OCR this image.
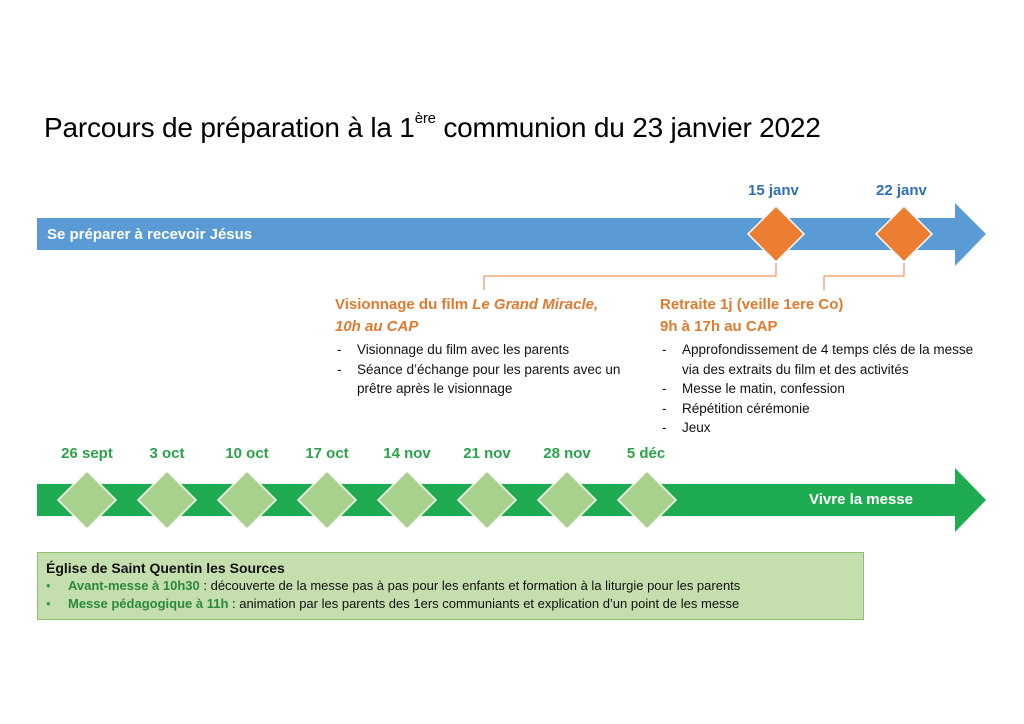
Parcours de préparation à la 1ère communion du 23 janvier 2022
Se préparer à recevoir Jésus
15 janv	22 janv
Visionnage du film Le Grand Miracle,
10h au CAP
- Visionnage du film avec les parents
- Séance d’échange pour les parents avec un prêtre après le visionnage
Retraite 1j (veille 1ere Co)
9h à 17h au CAP
- Approfondissement de 4 temps clés de la messe via des extraits du film et des activités
- Messe le matin, confession
- Répétition cérémonie
- Jeux
26 sept	3 oct	10 oct	17 oct	14 nov	21 nov	28 nov	5 déc
Vivre la messe
Église de Saint Quentin les Sources
• Avant-messe à 10h30 : découverte de la messe pas à pas pour les enfants et formation à la liturgie pour les parents
• Messe pédagogique à 11h : animation par les parents des 1ers communiants et explication d’un point de les messe
